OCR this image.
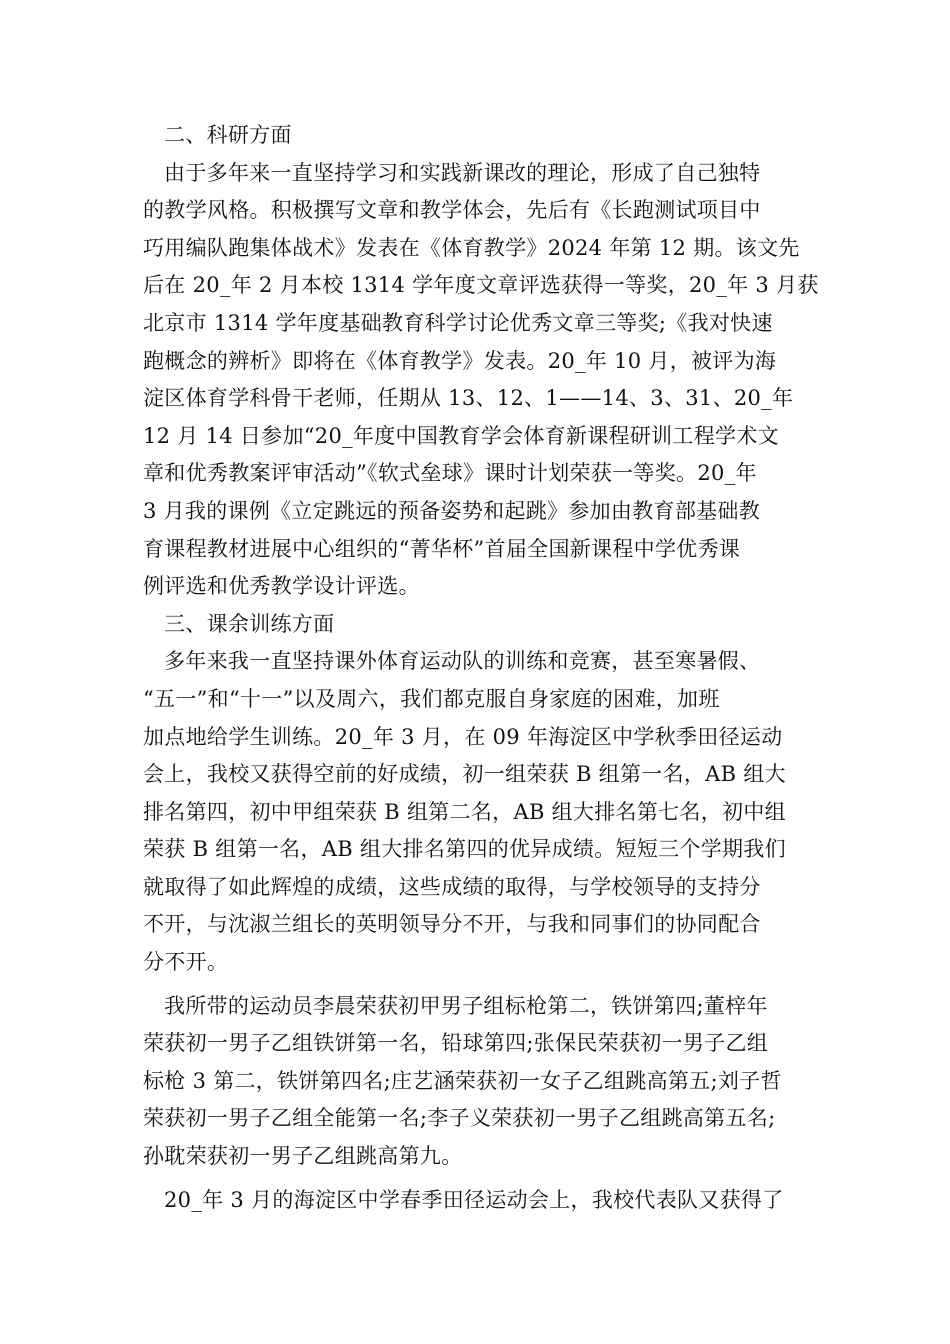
二、科研方面
由于多年来一直坚持学习和实践新课改的理论，形成了自己独特
的教学风格。积极撰写文章和教学体会，先后有《长跑测试项目中
巧用编队跑集体战术》发表在《体育教学》2024 年第 12 期。该文先
后在 20_年 2 月本校 1314 学年度文章评选获得一等奖，20_年 3 月获
北京市 1314 学年度基础教育科学讨论优秀文章三等奖;《我对快速
跑概念的辨析》即将在《体育教学》发表。20_年 10 月，被评为海
淀区体育学科骨干老师，任期从 13、12、1——14、3、31、20_年
12 月 14 日参加“20_年度中国教育学会体育新课程研训工程学术文
章和优秀教案评审活动”《软式垒球》课时计划荣获一等奖。20_年
3 月我的课例《立定跳远的预备姿势和起跳》参加由教育部基础教
育课程教材进展中心组织的“菁华杯”首届全国新课程中学优秀课
例评选和优秀教学设计评选。
三、课余训练方面
多年来我一直坚持课外体育运动队的训练和竞赛，甚至寒暑假、
“五一”和“十一”以及周六，我们都克服自身家庭的困难，加班
加点地给学生训练。20_年 3 月，在 09 年海淀区中学秋季田径运动
会上，我校又获得空前的好成绩，初一组荣获 B 组第一名，AB 组大
排名第四，初中甲组荣获 B 组第二名，AB 组大排名第七名，初中组
荣获 B 组第一名，AB 组大排名第四的优异成绩。短短三个学期我们
就取得了如此辉煌的成绩，这些成绩的取得，与学校领导的支持分
不开，与沈淑兰组长的英明领导分不开，与我和同事们的协同配合
分不开。
我所带的运动员李晨荣获初甲男子组标枪第二，铁饼第四;董梓年
荣获初一男子乙组铁饼第一名，铅球第四;张保民荣获初一男子乙组
标枪 3 第二，铁饼第四名;庄艺涵荣获初一女子乙组跳高第五;刘子哲
荣获初一男子乙组全能第一名;李子义荣获初一男子乙组跳高第五名;
孙耽荣获初一男子乙组跳高第九。
20_年 3 月的海淀区中学春季田径运动会上，我校代表队又获得了
